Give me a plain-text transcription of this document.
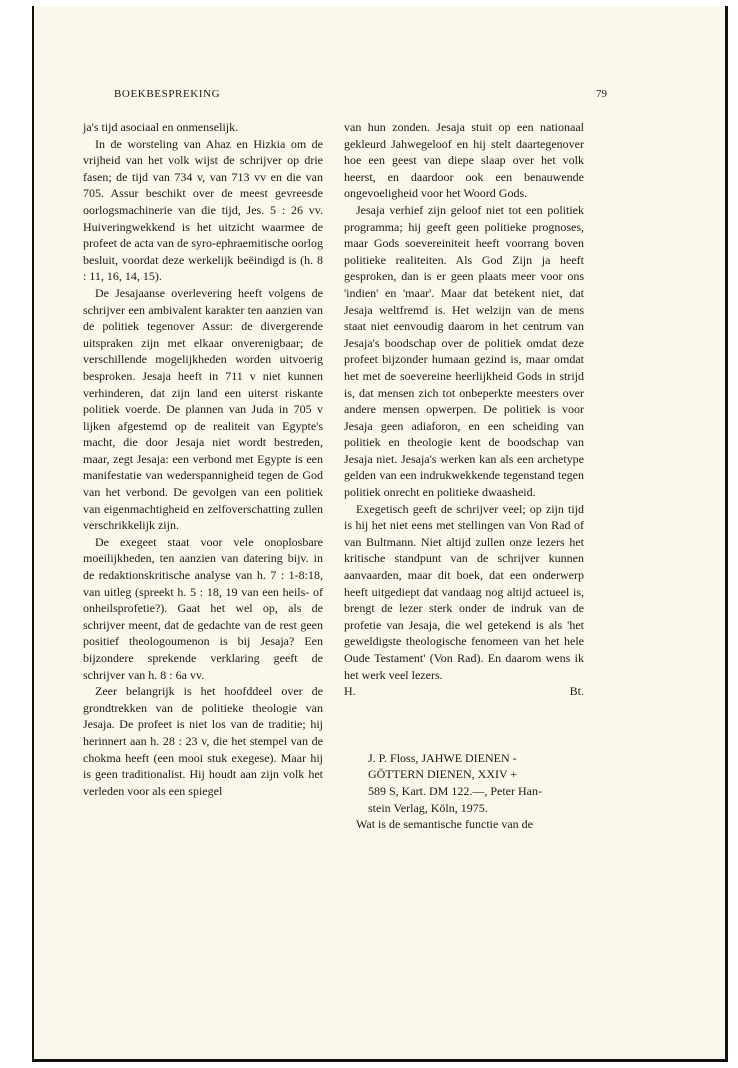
BOEKBESPREKING	79

ja's tijd asociaal en onmenselijk.

In de worsteling van Ahaz en Hizkia om de vrijheid van het volk wijst de schrijver op drie fasen; de tijd van 734 v, van 713 vv en die van 705. Assur beschikt over de meest gevreesde oorlogsmachinerie van die tijd, Jes. 5 : 26 vv. Huiveringwekkend is het uitzicht waarmee de profeet de acta van de syro-ephraemitische oorlog besluit, voordat deze werkelijk beëindigd is (h. 8 : 11, 16, 14, 15).

De Jesajaanse overlevering heeft volgens de schrijver een ambivalent karakter ten aanzien van de politiek tegenover Assur: de divergerende uitspraken zijn met elkaar onverenigbaar; de verschillende mogelijkheden worden uitvoerig besproken. Jesaja heeft in 711 v niet kunnen verhinderen, dat zijn land een uiterst riskante politiek voerde. De plannen van Juda in 705 v lijken afgestemd op de realiteit van Egypte's macht, die door Jesaja niet wordt bestreden, maar, zegt Jesaja: een verbond met Egypte is een manifestatie van wederspannigheid tegen de God van het verbond. De gevolgen van een politiek van eigenmachtigheid en zelfoverschatting zullen verschrikkelijk zijn.

De exegeet staat voor vele onoplosbare moeilijkheden, ten aanzien van datering bijv. in de redaktionskritische analyse van h. 7 : 1-8:18, van uitleg (spreekt h. 5 : 18, 19 van een heils- of onheilsprofetie?). Gaat het wel op, als de schrijver meent, dat de gedachte van de rest geen positief theologoumenon is bij Jesaja? Een bijzondere sprekende verklaring geeft de schrijver van h. 8 : 6a vv.

Zeer belangrijk is het hoofddeel over de grondtrekken van de politieke theologie van Jesaja. De profeet is niet los van de traditie; hij herinnert aan h. 28 : 23 v, die het stempel van de chokma heeft (een mooi stuk exegese). Maar hij is geen traditionalist. Hij houdt aan zijn volk het verleden voor als een spiegel

van hun zonden. Jesaja stuit op een nationaal gekleurd Jahwegeloof en hij stelt daartegenover hoe een geest van diepe slaap over het volk heerst, en daardoor ook een benauwende ongevoeligheid voor het Woord Gods.

Jesaja verhief zijn geloof niet tot een politiek programma; hij geeft geen politieke prognoses, maar Gods soevereiniteit heeft voorrang boven politieke realiteiten. Als God Zijn ja heeft gesproken, dan is er geen plaats meer voor ons 'indien' en 'maar'. Maar dat betekent niet, dat Jesaja weltfremd is. Het welzijn van de mens staat niet eenvoudig daarom in het centrum van Jesaja's boodschap over de politiek omdat deze profeet bijzonder humaan gezind is, maar omdat het met de soevereine heerlijkheid Gods in strijd is, dat mensen zich tot onbeperkte meesters over andere mensen opwerpen. De politiek is voor Jesaja geen adiaforon, en een scheiding van politiek en theologie kent de boodschap van Jesaja niet. Jesaja's werken kan als een archetype gelden van een indrukwekkende tegenstand tegen politiek onrecht en politieke dwaasheid.

Exegetisch geeft de schrijver veel; op zijn tijd is hij het niet eens met stellingen van Von Rad of van Bultmann. Niet altijd zullen onze lezers het kritische standpunt van de schrijver kunnen aanvaarden, maar dit boek, dat een onderwerp heeft uitgediept dat vandaag nog altijd actueel is, brengt de lezer sterk onder de indruk van de profetie van Jesaja, die wel getekend is als 'het geweldigste theologische fenomeen van het hele Oude Testament' (Von Rad). En daarom wens ik het werk veel lezers.

H.	Bt.
J. P. Floss, JAHWE DIENEN -
GÖTTERN DIENEN, XXIV +
589 S, Kart. DM 122.—, Peter Han-
stein Verlag, Köln, 1975.

Wat is de semantische functie van de
